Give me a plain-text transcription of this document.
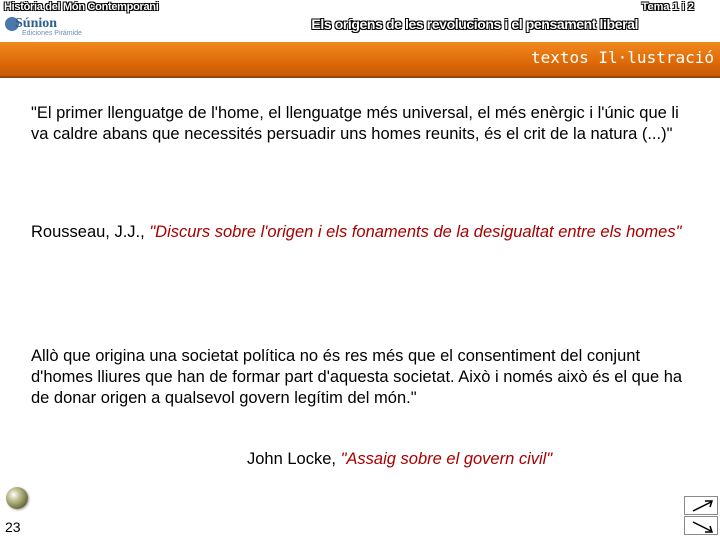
Història del Món Contemporani	Tema 1 i 2
Súnion
Ediciones Pirámide
Els orígens de les revolucions i el pensament liberal
textos Il·lustració
"El primer llenguatge de l'home, el llenguatge més universal, el més enèrgic i l'únic que li va caldre abans que necessités persuadir uns homes reunits, és el crit de la natura (...)"
Rousseau, J.J., "Discurs sobre l'origen i els fonaments de la desigualtat entre els homes"
Allò que origina una societat política no és res més que el consentiment del conjunt d'homes lliures que han de formar part d'aquesta societat. Això i només això és el que ha de donar origen a qualsevol govern legítim del món."
John Locke, "Assaig sobre el govern civil"
23
